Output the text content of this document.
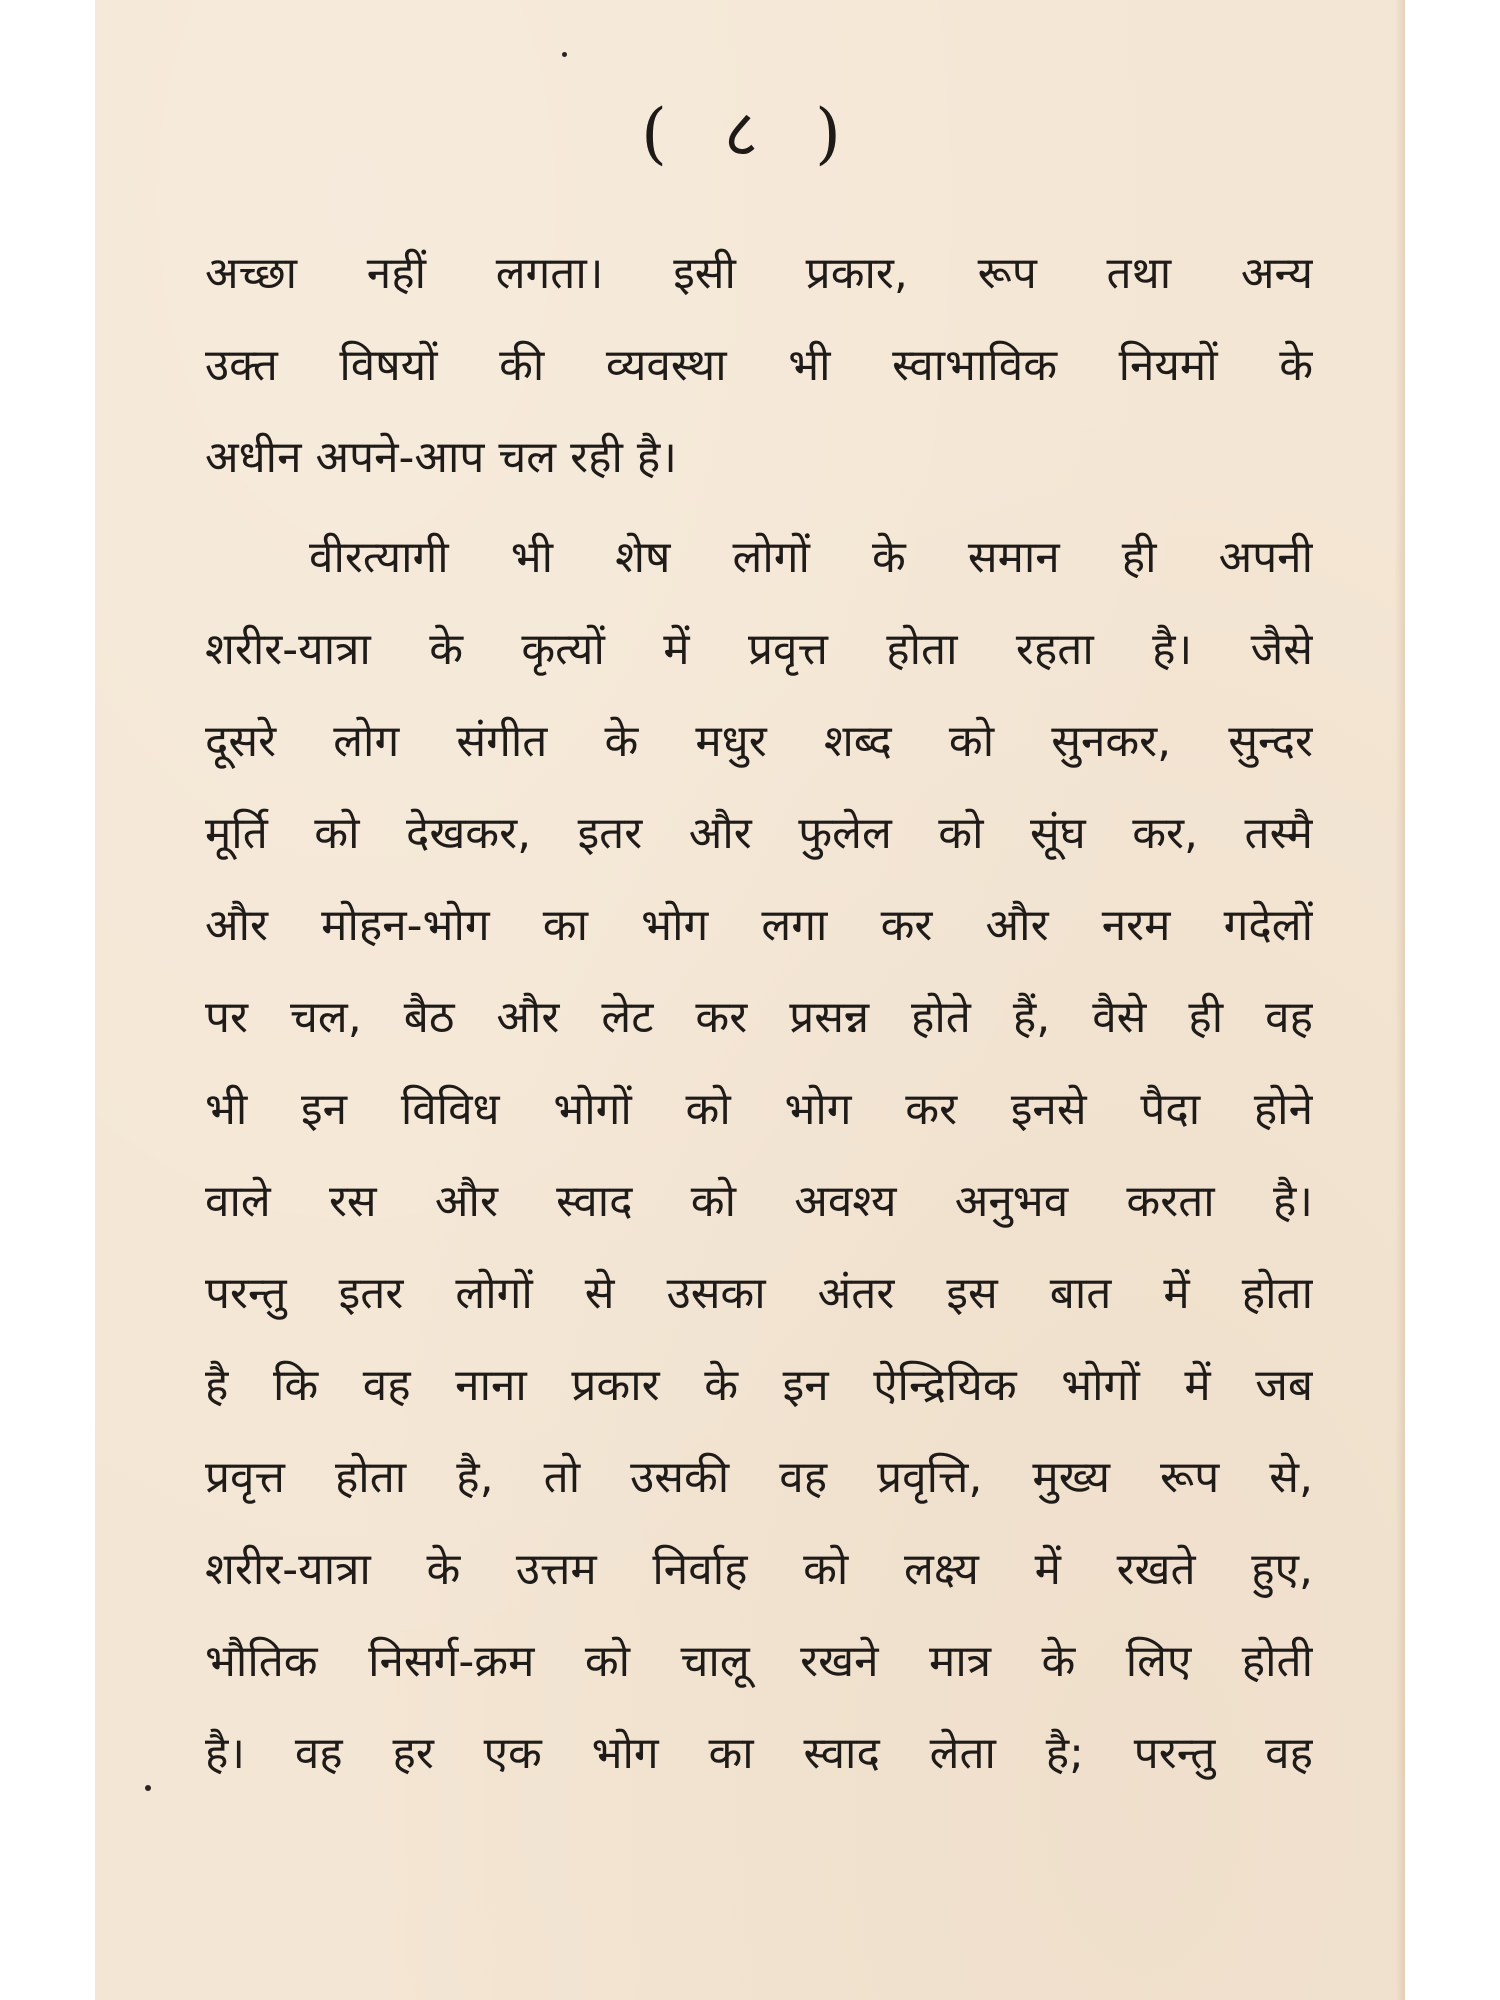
( ८ )
अच्छा नहीं लगता। इसी प्रकार, रूप तथा अन्य
उक्त विषयों की व्यवस्था भी स्वाभाविक नियमों के
अधीन अपने-आप चल रही है।
वीरत्यागी भी शेष लोगों के समान ही अपनी
शरीर-यात्रा के कृत्यों में प्रवृत्त होता रहता है। जैसे
दूसरे लोग संगीत के मधुर शब्द को सुनकर, सुन्दर
मूर्ति को देखकर, इतर और फुलेल को सूंघ कर, तस्मै
और मोहन-भोग का भोग लगा कर और नरम गदेलों
पर चल, बैठ और लेट कर प्रसन्न होते हैं, वैसे ही वह
भी इन विविध भोगों को भोग कर इनसे पैदा होने
वाले रस और स्वाद को अवश्य अनुभव करता है।
परन्तु इतर लोगों से उसका अंतर इस बात में होता
है कि वह नाना प्रकार के इन ऐन्द्रियिक भोगों में जब
प्रवृत्त होता है, तो उसकी वह प्रवृत्ति, मुख्य रूप से,
शरीर-यात्रा के उत्तम निर्वाह को लक्ष्य में रखते हुए,
भौतिक निसर्ग-क्रम को चालू रखने मात्र के लिए होती
है। वह हर एक भोग का स्वाद लेता है; परन्तु वह
